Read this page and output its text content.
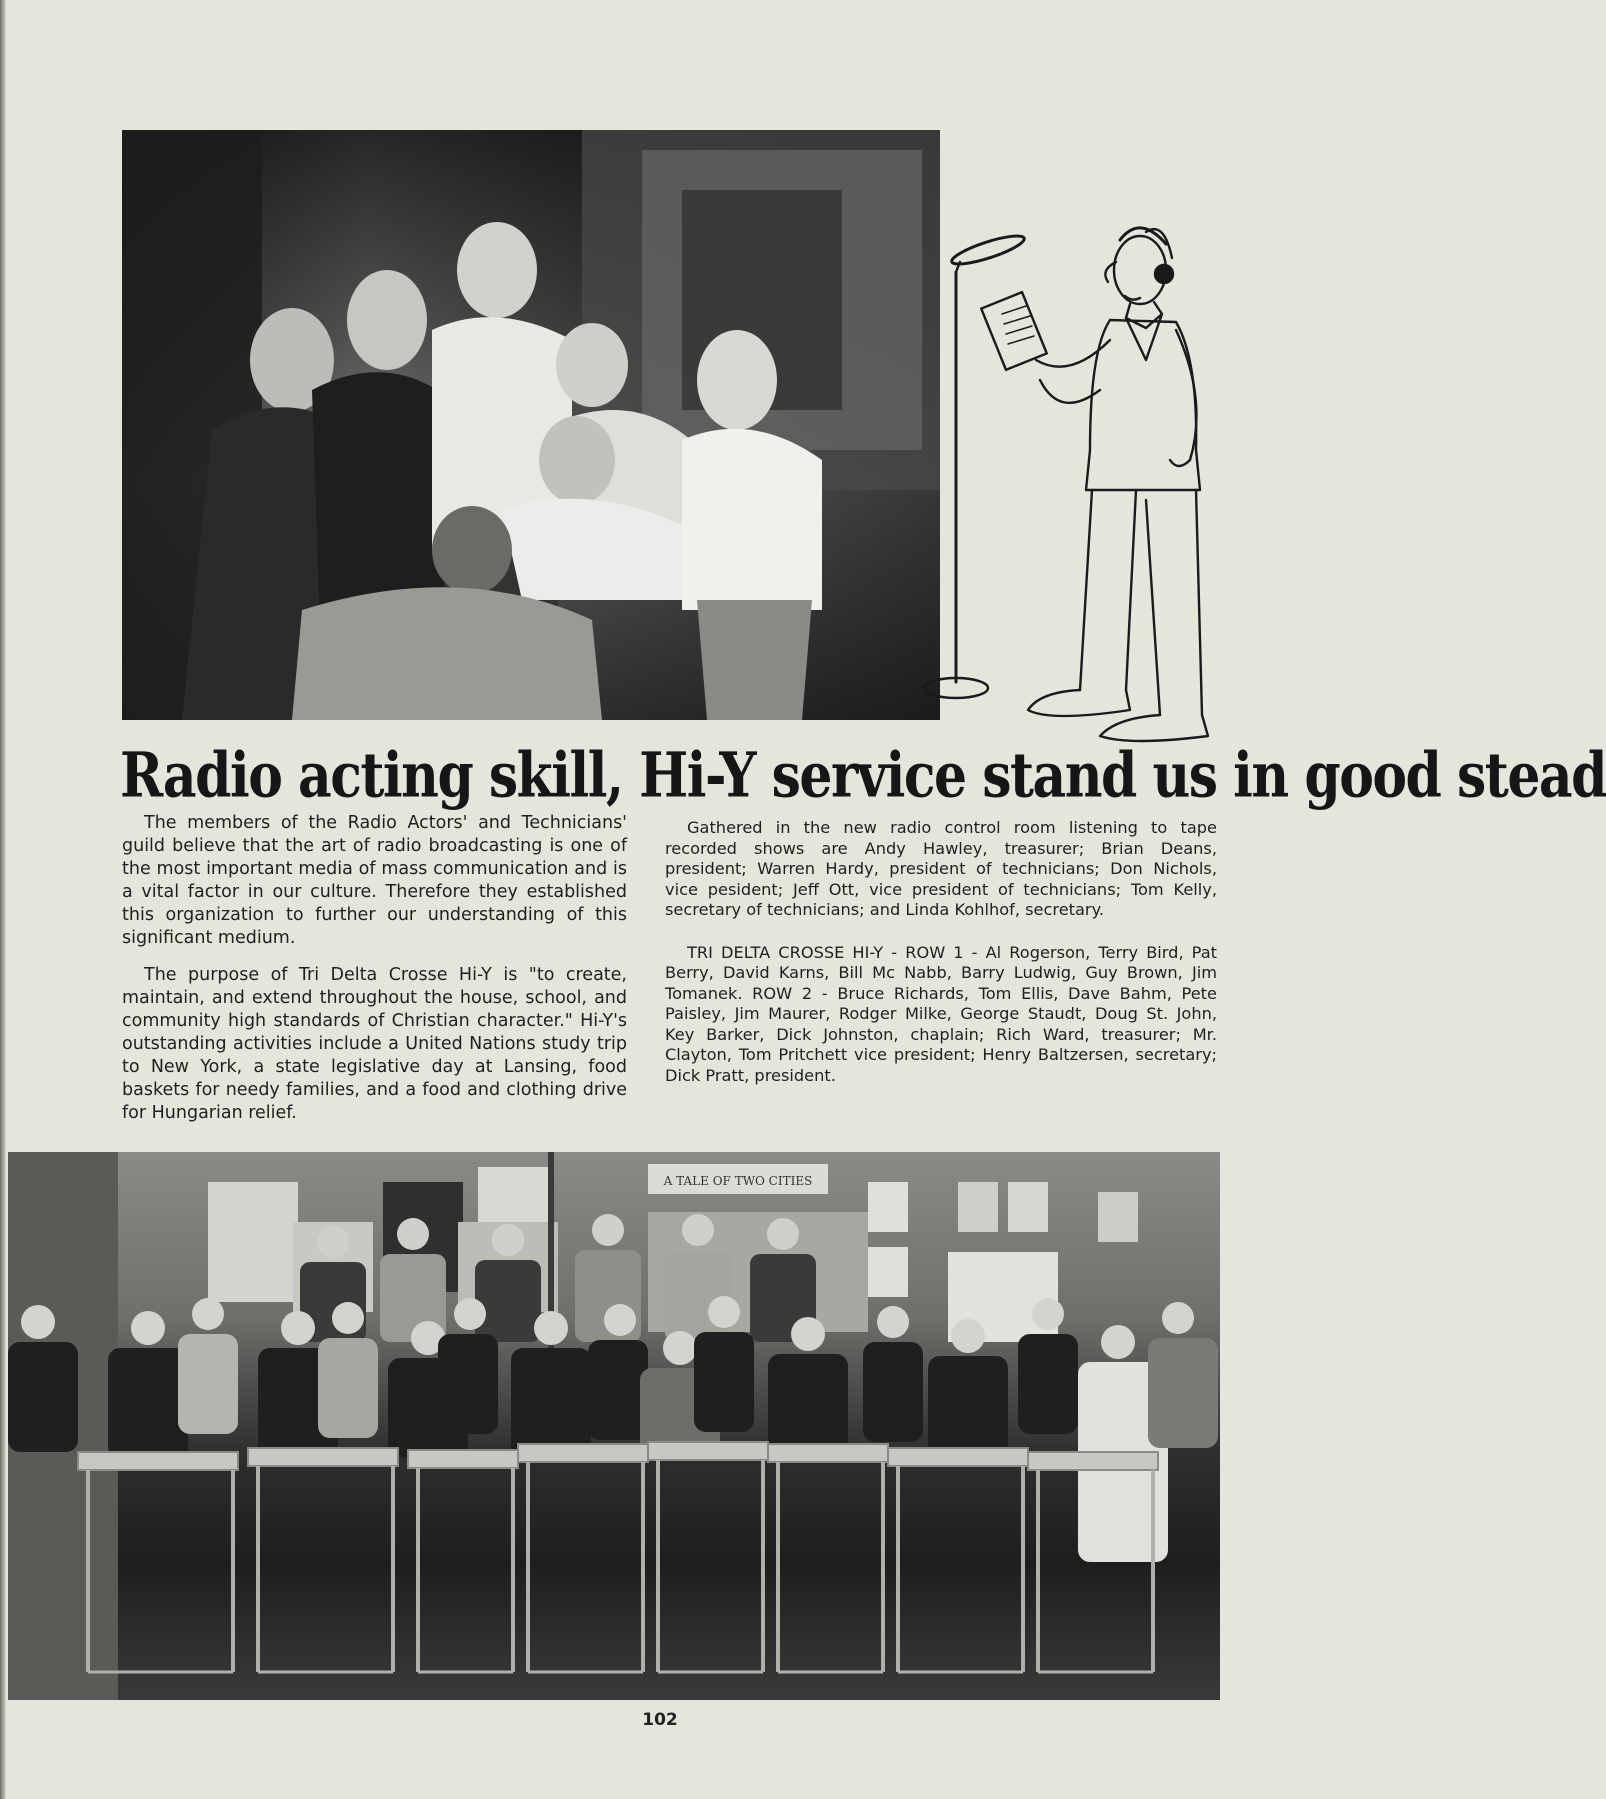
Radio acting skill, Hi-Y service stand us in good stead

The members of the Radio Actors' and Technicians' guild believe that the art of radio broadcasting is one of the most important media of mass communication and is a vital factor in our culture. Therefore they established this organization to further our understanding of this significant medium.

The purpose of Tri Delta Crosse Hi-Y is "to create, maintain, and extend throughout the house, school, and community high standards of Christian character." Hi-Y's outstanding activities include a United Nations study trip to New York, a state legislative day at Lansing, food baskets for needy families, and a food and clothing drive for Hungarian relief.

Gathered in the new radio control room listening to tape recorded shows are Andy Hawley, treasurer; Brian Deans, president; Warren Hardy, president of technicians; Don Nichols, vice pesident; Jeff Ott, vice president of technicians; Tom Kelly, secretary of technicians; and Linda Kohlhof, secretary.

TRI DELTA CROSSE HI-Y - ROW 1 - Al Rogerson, Terry Bird, Pat Berry, David Karns, Bill Mc Nabb, Barry Ludwig, Guy Brown, Jim Tomanek. ROW 2 - Bruce Richards, Tom Ellis, Dave Bahm, Pete Paisley, Jim Maurer, Rodger Milke, George Staudt, Doug St. John, Key Barker, Dick Johnston, chaplain; Rich Ward, treasurer; Mr. Clayton, Tom Pritchett vice president; Henry Baltzersen, secretary; Dick Pratt, president.

A TALE OF TWO CITIES
102
